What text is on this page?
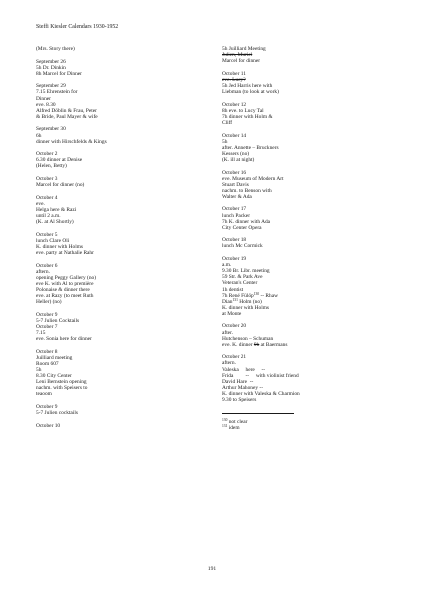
Steffi Kiesler Calendars 1930-1952
(Mrs. Story there)
September 26
5h Dr. Dinkin
8h Marcel for Dinner
September 29
7.15 Ehrenstein for
Dinner
eve. 8.30
Alfred Döblin & Frau, Peter
& Bride, Paul Mayer & wife
September 30
6h
dinner with Hirschfelds & Kings
October 2
6.30 dinner at Denise
(Helen, Betty)
October 3
Marcel for dinner (no)
October 4
eve.
Helga here & Razi
until 2 a.m.
(K. at Al Shortly)
October 5
lunch Clare Oli
K. dinner with Holms
eve. party at Nathalie Rahr
October 6
aftern.
opening Peggy Gallery (no)
eve K. with Al to première
Polonaise & dinner there
eve. at Razy (to meet Ruth
Heller) (no)
October 9
5-7 Julien Cocktails
October 7
7.15
eve. Sonia here for dinner
October 8
Juilliard meeting
Room 607
5h
8.30 City Center
Leni Bernstein opening
nachm. with Speisers to
teaoom
October 9
5-7 Julien cocktails
October 10
5h Juilliard Meeting
Julien, Muriel
Marcel for dinner
October 11
eve. Lucy?
5h Jed Harris here with
Liebman (to look at work)
October 12
8h eve. to Lucy Tal
7h dinner with Holm &
Cliff
October 14
5h
after. Annette – Bruckners
Kessers (no)
(K. ill at night)
October 16
eve. Museum of Modern Art
Stuart Davis
nachm. to Benson with
Walter & Ada
October 17
lunch Packer
7h K. dinner with Ada
City Center Opera
October 18
lunch Mc Cormick
October 19
a.m.
9.30 Br. Libr. meeting
59 Str. & Park Ave
Veteran's Center
1h dentist
7h René Fülöp$^{130}$ -- Rhaw
Dian$^{131}$ Holm (no)
K. dinner with Holms
at Monte
October 20
after.
Hutchenson – Schuman
eve. K. dinner 9h at Baermans
October 21
aftern.
Valeska     here     --
Frida         --     with violinist friend
David Hare  --
Arthur Mahoney --
K. dinner with Valeska & Charmion
9.30 to Speisers
$^{130}$ not clear
$^{131}$ idem
191
